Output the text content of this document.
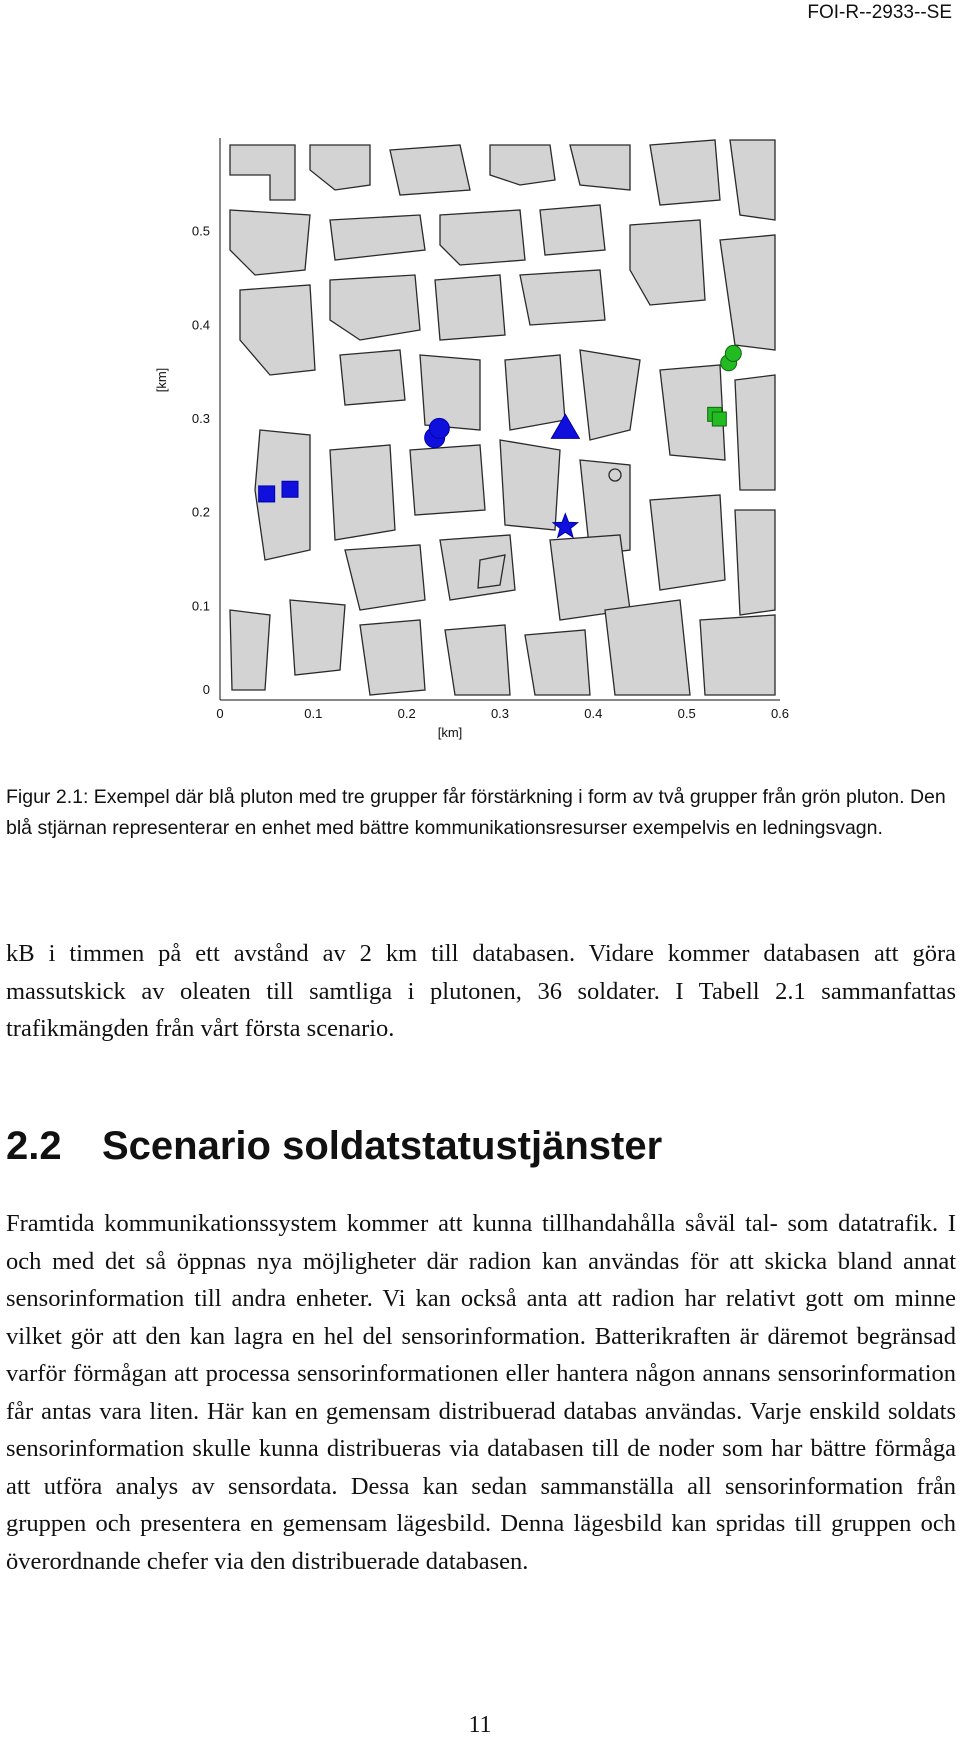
FOI-R--2933--SE
0	0.1	0.2	0.3	0.4	0.5	0.6
0
0.1
0.2
0.3
0.4
0.5
[km]
[km]
Figur 2.1: Exempel där blå pluton med tre grupper får förstärkning i form av två grupper från grön pluton. Den blå stjärnan representerar en enhet med bättre kommunikationsresurser exempelvis en ledningsvagn.

kB i timmen på ett avstånd av 2 km till databasen. Vidare kommer databasen att göra massutskick av oleaten till samtliga i plutonen, 36 soldater. I Tabell 2.1 sammanfattas trafikmängden från vårt första scenario.

2.2 Scenario soldatstatustjänster

Framtida kommunikationssystem kommer att kunna tillhandahålla såväl tal- som datatrafik. I och med det så öppnas nya möjligheter där radion kan användas för att skicka bland annat sensorinformation till andra enheter. Vi kan också anta att radion har relativt gott om minne vilket gör att den kan lagra en hel del sensorinformation. Batterikraften är däremot begränsad varför förmågan att processa sensorinformationen eller hantera någon annans sensorinformation får antas vara liten. Här kan en gemensam distribuerad databas användas. Varje enskild soldats sensorinformation skulle kunna distribueras via databasen till de noder som har bättre förmåga att utföra analys av sensordata. Dessa kan sedan sammanställa all sensorinformation från gruppen och presentera en gemensam lägesbild. Denna lägesbild kan spridas till gruppen och överordnande chefer via den distribuerade databasen.

11
